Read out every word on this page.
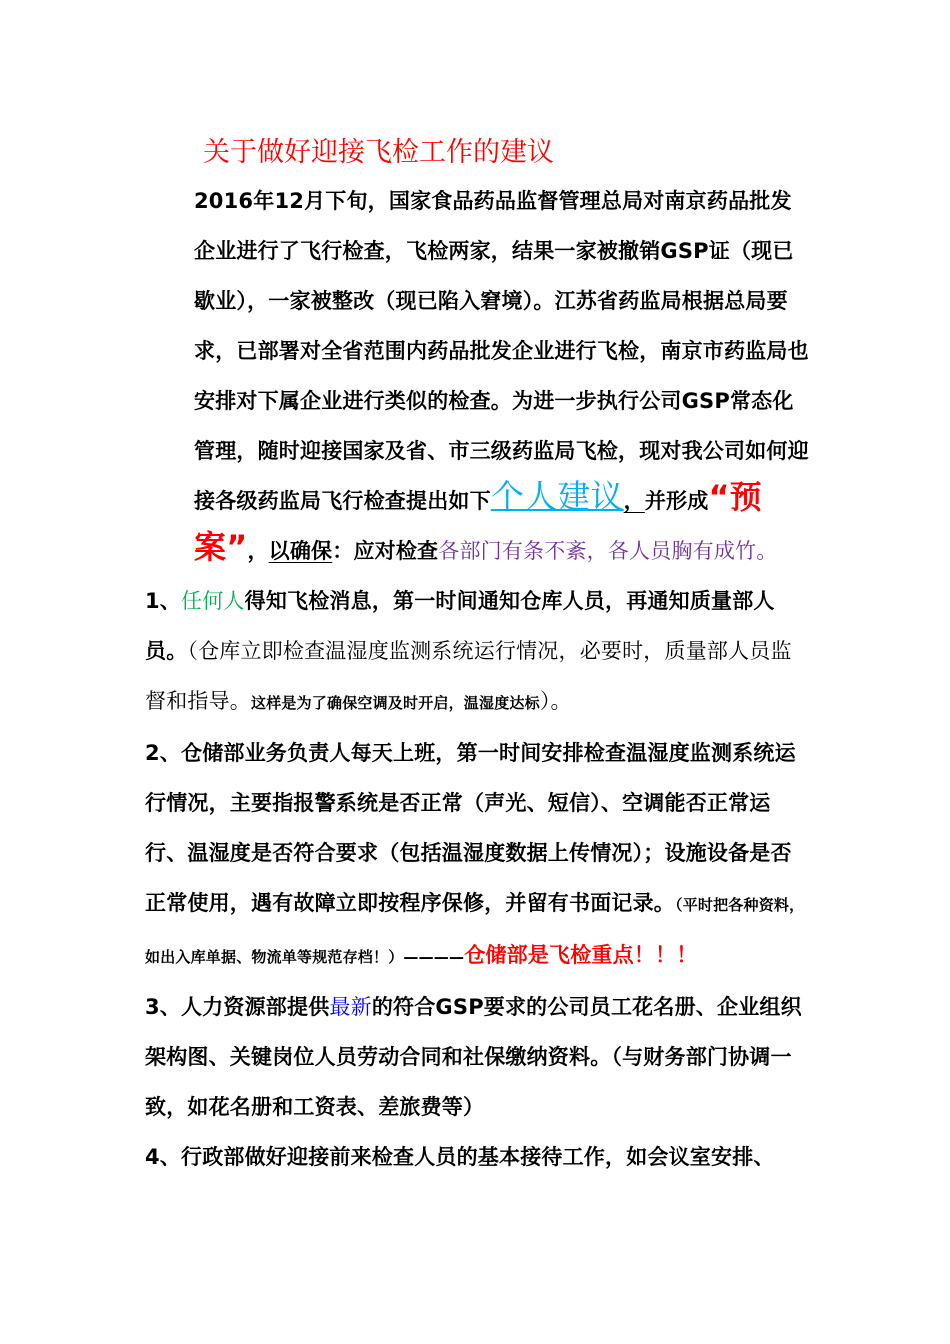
关于做好迎接飞检工作的建议

2016年12月下旬，国家食品药品监督管理总局对南京药品批发企业进行了飞行检查，飞检两家，结果一家被撤销GSP证（现已歇业），一家被整改（现已陷入窘境）。江苏省药监局根据总局要求，已部署对全省范围内药品批发企业进行飞检，南京市药监局也安排对下属企业进行类似的检查。为进一步执行公司GSP常态化管理，随时迎接国家及省、市三级药监局飞检，现对我公司如何迎接各级药监局飞行检查提出如下个人建议，并形成“预案”，以确保：应对检查各部门有条不紊，各人员胸有成竹。

1、任何人得知飞检消息，第一时间通知仓库人员，再通知质量部人员。（仓库立即检查温湿度监测系统运行情况，必要时，质量部人员监督和指导。这样是为了确保空调及时开启，温湿度达标）。

2、仓储部业务负责人每天上班，第一时间安排检查温湿度监测系统运行情况，主要指报警系统是否正常（声光、短信）、空调能否正常运行、温湿度是否符合要求（包括温湿度数据上传情况）；设施设备是否正常使用，遇有故障立即按程序保修，并留有书面记录。（平时把各种资料，如出入库单据、物流单等规范存档！）————仓储部是飞检重点！！！

3、人力资源部提供最新的符合GSP要求的公司员工花名册、企业组织架构图、关键岗位人员劳动合同和社保缴纳资料。（与财务部门协调一致，如花名册和工资表、差旅费等）

4、行政部做好迎接前来检查人员的基本接待工作，如会议室安排、
